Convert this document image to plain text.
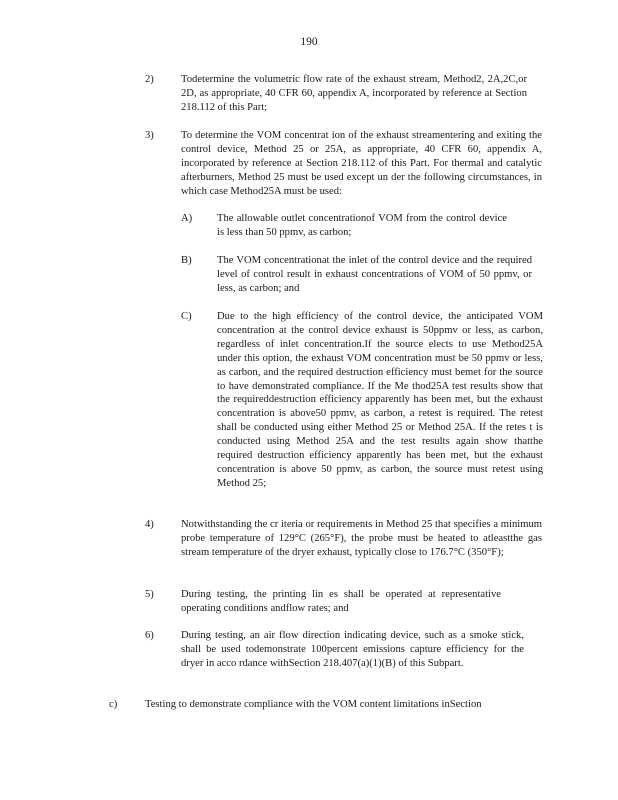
190
2)	Todetermine the volumetric flow rate of the exhaust stream, Method2, 2A,2C,or 2D, as appropriate, 40 CFR 60, appendix A, incorporated by reference at Section 218.112 of this Part;
3)	To determine the VOM concentrat ion of the exhaust streamentering and exiting the control device, Method 25 or 25A, as appropriate, 40 CFR 60, appendix A, incorporated by reference at Section 218.112 of this Part. For thermal and catalytic afterburners, Method 25 must be used except un der the following circumstances, in which case Method25A must be used:
A) The allowable outlet concentrationof VOM from the control device is less than 50 ppmv, as carbon;
B) The VOM concentrationat the inlet of the control device and the required level of control result in exhaust concentrations of VOM of 50 ppmv, or less, as carbon; and
C) Due to the high efficiency of the control device, the anticipated VOM concentration at the control device exhaust is 50ppmv or less, as carbon, regardless of inlet concentration.If the source elects to use Method25A under this option, the exhaust VOM concentration must be 50 ppmv or less, as carbon, and the required destruction efficiency must bemet for the source to have demonstrated compliance. If the Me thod25A test results show that the requireddestruction efficiency apparently has been met, but the exhaust concentration is above50 ppmv, as carbon, a retest is required. The retest shall be conducted using either Method 25 or Method 25A. If the retes t is conducted using Method 25A and the test results again show thatthe required destruction efficiency apparently has been met, but the exhaust concentration is above 50 ppmv, as carbon, the source must retest using Method 25;
4)	Notwithstanding the cr iteria or requirements in Method 25 that specifies a minimum probe temperature of 129°C (265°F), the probe must be heated to atleastthe gas stream temperature of the dryer exhaust, typically close to 176.7°C (350°F);
5)	During testing, the printing lin es shall be operated at representative operating conditions andflow rates; and
6)	During testing, an air flow direction indicating device, such as a smoke stick, shall be used todemonstrate 100percent emissions capture efficiency for the dryer in acco rdance withSection 218.407(a)(1)(B) of this Subpart.
c)	Testing to demonstrate compliance with the VOM content limitations inSection
